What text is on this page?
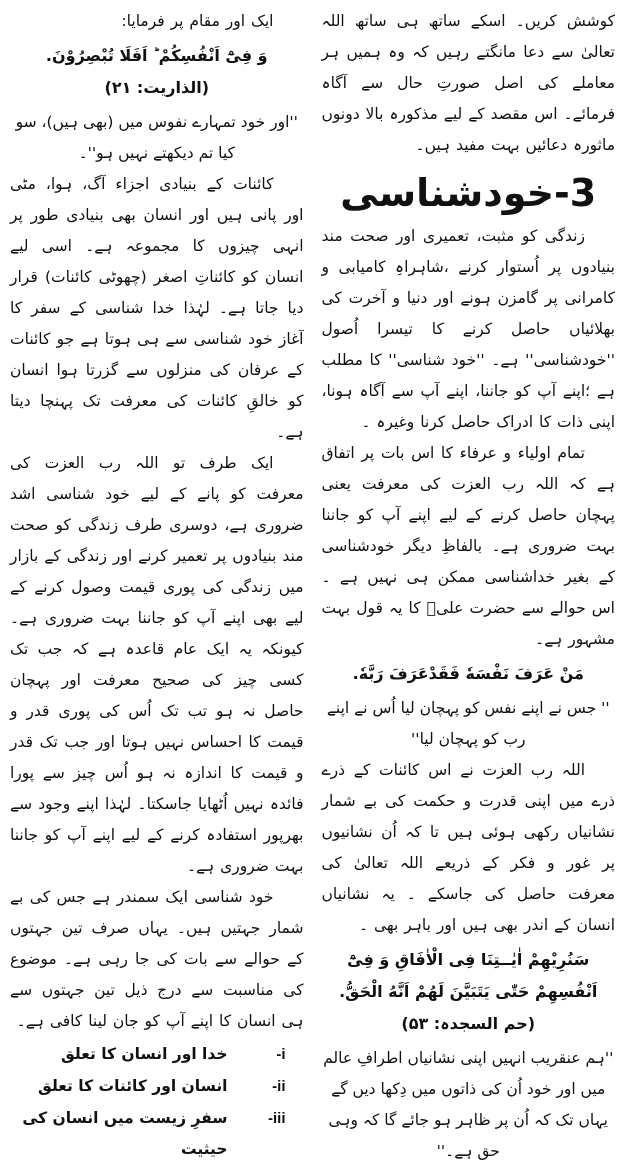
کوشش کریں۔ اسکے ساتھ ہی ساتھ اللہ تعالیٰ سے دعا مانگتے رہیں کہ وہ ہمیں ہر معاملے کی اصل صورتِ حال سے آگاہ فرمائے۔ اس مقصد کے لیے مذکورہ بالا دونوں ماثورہ دعائیں بہت مفید ہیں۔

3-خودشناسی

زندگی کو مثبت، تعمیری اور صحت مند بنیادوں پر اُستوار کرنے ،شاہراہِ کامیابی و کامرانی پر گامزن ہونے اور دنیا و آخرت کی بھلائیاں حاصل کرنے کا تیسرا اُصول ''خودشناسی'' ہے۔ ''خود شناسی'' کا مطلب ہے ؛اپنے آپ کو جاننا، اپنے آپ سے آگاہ ہونا، اپنی ذات کا ادراک حاصل کرنا وغیرہ ۔

تمام اولیاء و عرفاء کا اس بات پر اتفاق ہے کہ اللہ رب العزت کی معرفت یعنی پہچان حاصل کرنے کے لیے اپنے آپ کو جاننا بہت ضروری ہے۔ بالفاظِ دیگر خودشناسی کے بغیر خداشناسی ممکن ہی نہیں ہے ۔ اس حوالے سے حضرت علیؓ کا یہ قول بہت مشہور ہے۔

مَنْ عَرَفَ نَفْسَهٗ فَقَدْعَرَفَ رَبَّهٗ.

'' جس نے اپنے نفس کو پہچان لیا اُس نے اپنے رب کو پہچان لیا''

اللہ رب العزت نے اس کائنات کے ذرے ذرے میں اپنی قدرت و حکمت کی بے شمار نشانیاں رکھی ہوئی ہیں تا کہ اُن نشانیوں پر غور و فکر کے ذریعے اللہ تعالیٰ کی معرفت حاصل کی جاسکے ۔ یہ نشانیاں انسان کے اندر بھی ہیں اور باہر بھی ۔

سَنُرِيْهِمْ اٰيٰــتِنَا فِی الْاٰفَاقِ وَ فِیْٓ اَنْفُسِهِمْ حَتّٰی يَتَبَيَّنَ لَهُمْ اَنَّهُ الْحَقُّ. (حم السجدہ: ۵۳)

''ہم عنقریب انہیں اپنی نشانیاں اطرافِ عالم میں اور خود اُن کی ذاتوں میں دِکھا دیں گے یہاں تک کہ اُن پر ظاہر ہو جائے گا کہ وہی حق ہے۔''

ایک اور مقام پر فرمایا:

وَ فِیْٓ اَنْفُسِكُمْ ؕ اَفَلَا تُبْصِرُوْنَ. (الذاریت: ۲۱)

''اور خود تمہارے نفوس میں (بھی ہیں)، سو کیا تم دیکھتے نہیں ہو''۔

کائنات کے بنیادی اجزاء آگ، ہوا، مٹی اور پانی ہیں اور انسان بھی بنیادی طور پر انہی چیزوں کا مجموعہ ہے۔ اسی لیے انسان کو کائناتِ اصغر (چھوٹی کائنات) قرار دیا جاتا ہے۔ لہٰذا خدا شناسی کے سفر کا آغاز خود شناسی سے ہی ہوتا ہے جو کائنات کے عرفان کی منزلوں سے گزرتا ہوا انسان کو خالقِ کائنات کی معرفت تک پہنچا دیتا ہے۔

ایک طرف تو اللہ رب العزت کی معرفت کو پانے کے لیے خود شناسی اشد ضروری ہے، دوسری طرف زندگی کو صحت مند بنیادوں پر تعمیر کرنے اور زندگی کے بازار میں زندگی کی پوری قیمت وصول کرنے کے لیے بھی اپنے آپ کو جاننا بہت ضروری ہے۔ کیونکہ یہ ایک عام قاعدہ ہے کہ جب تک کسی چیز کی صحیح معرفت اور پہچان حاصل نہ ہو تب تک اُس کی پوری قدر و قیمت کا احساس نہیں ہوتا اور جب تک قدر و قیمت کا اندازہ نہ ہو اُس چیز سے پورا فائدہ نہیں اُٹھایا جاسکتا۔ لہٰذا اپنے وجود سے بھرپور استفادہ کرنے کے لیے اپنے آپ کو جاننا بہت ضروری ہے۔

خود شناسی ایک سمندر ہے جس کی بے شمار جہتیں ہیں۔ یہاں صرف تین جہتوں کے حوالے سے بات کی جا رہی ہے۔ موضوع کی مناسبت سے درج ذیل تین جہتوں سے ہی انسان کا اپنے آپ کو جان لینا کافی ہے۔

-i
خدا اور انسان کا تعلق
-ii
انسان اور کائنات کا تعلق
-iii
سفرِ زیست میں انسان کی حیثیت
